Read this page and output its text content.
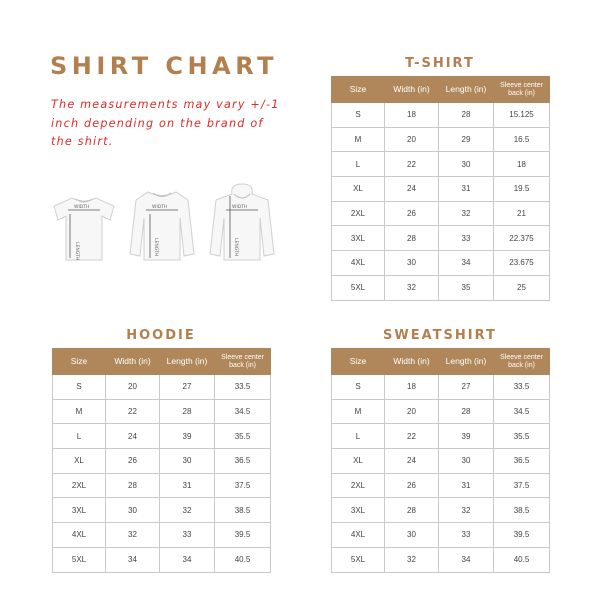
SHIRT CHART

The measurements may vary +/-1 inch depending on the brand of the shirt.

WIDTH
LENGTH
WIDTH
LENGTH
WIDTH
LENGTH
T-SHIRT
Size	Width (in)	Length (in)	Sleeve center back (in)
S	18	28	15.125
M	20	29	16.5
L	22	30	18
XL	24	31	19.5
2XL	26	32	21
3XL	28	33	22.375
4XL	30	34	23.675
5XL	32	35	25
HOODIE
Size	Width (in)	Length (in)	Sleeve center back (in)
S	20	27	33.5
M	22	28	34.5
L	24	39	35.5
XL	26	30	36.5
2XL	28	31	37.5
3XL	30	32	38.5
4XL	32	33	39.5
5XL	34	34	40.5
SWEATSHIRT
Size	Width (in)	Length (in)	Sleeve center back (in)
S	18	27	33.5
M	20	28	34.5
L	22	39	35.5
XL	24	30	36.5
2XL	26	31	37.5
3XL	28	32	38.5
4XL	30	33	39.5
5XL	32	34	40.5
